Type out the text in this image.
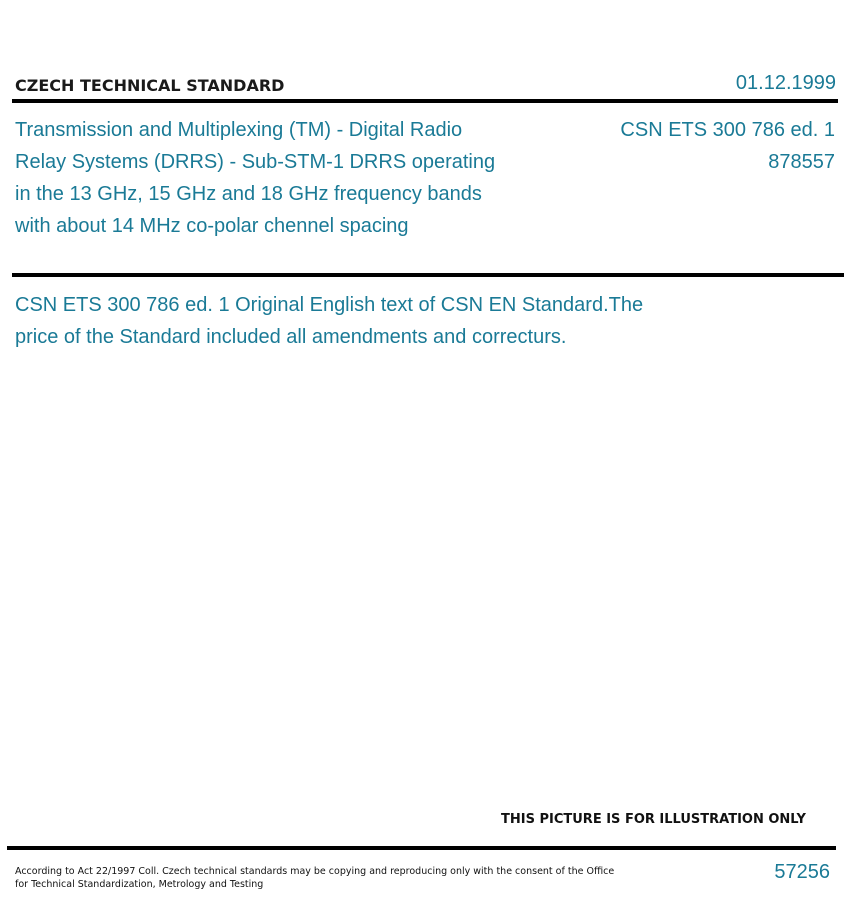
CZECH TECHNICAL STANDARD	01.12.1999
Transmission and Multiplexing (TM) - Digital Radio
Relay Systems (DRRS) - Sub-STM-1 DRRS operating
in the 13 GHz, 15 GHz and 18 GHz frequency bands
with about 14 MHz co-polar chennel spacing
CSN ETS 300 786 ed. 1
878557
CSN ETS 300 786 ed. 1 Original English text of CSN EN Standard.The
price of the Standard included all amendments and correcturs.
THIS PICTURE IS FOR ILLUSTRATION ONLY
According to Act 22/1997 Coll. Czech technical standards may be copying and reproducing only with the consent of the Office
for Technical Standardization, Metrology and Testing
57256
